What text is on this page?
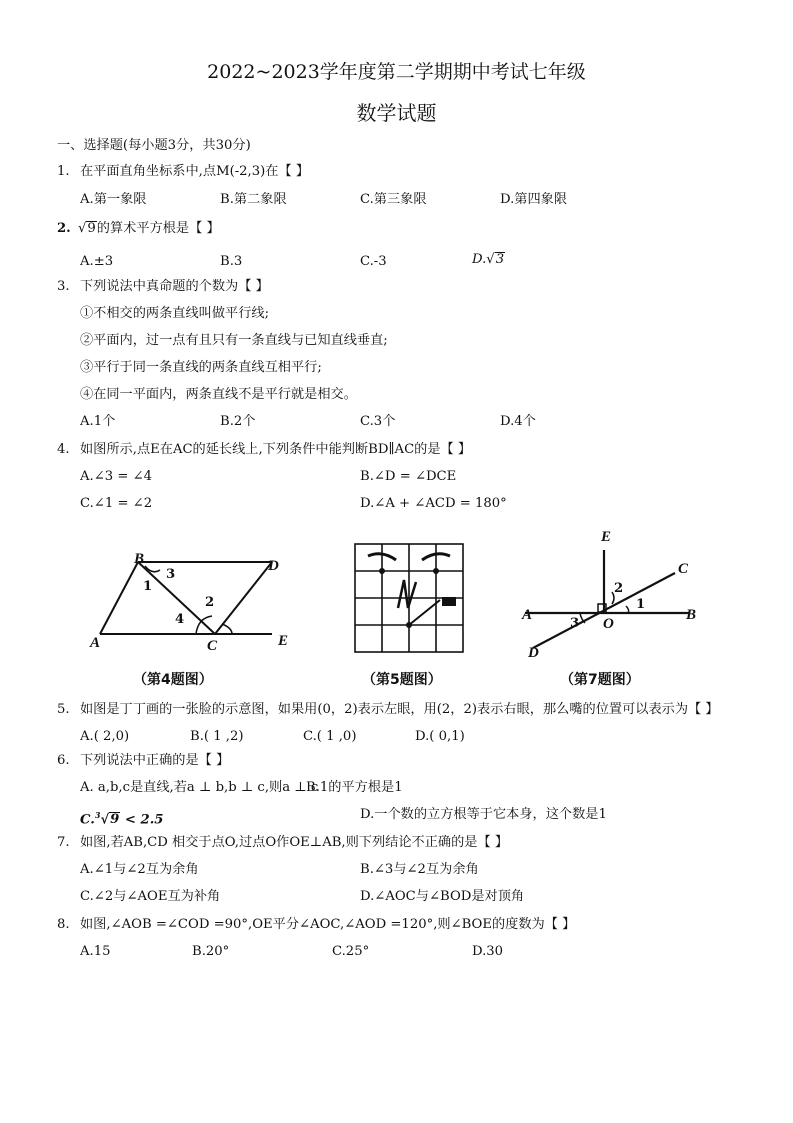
2022~2023学年度第二学期期中考试七年级
数学试题
一、选择题(每小题3分，共30分)
1. 在平面直角坐标系中,点M(-2,3)在【 】
A.第一象限	B.第二象限	C.第三象限	D.第四象限
2. √9的算术平方根是【 】
A.±3	B.3	C.-3	D.√3
3. 下列说法中真命题的个数为【 】
①不相交的两条直线叫做平行线;
②平面内，过一点有且只有一条直线与已知直线垂直;
③平行于同一条直线的两条直线互相平行;
④在同一平面内，两条直线不是平行就是相交。
A.1个	B.2个	C.3个	D.4个
4. 如图所示,点E在AC的延长线上,下列条件中能判断BD∥AC的是【 】
A.∠3 = ∠4	B.∠D = ∠DCE
C.∠1 = ∠2	D.∠A + ∠ACD = 180°
B	D
A	C	E
1
2
3
4
E
C
A
O
B
D
1
2
3
（第4题图）	（第5题图）	（第7题图）
5. 如图是丁丁画的一张脸的示意图，如果用(0，2)表示左眼，用(2，2)表示右眼，那么嘴的位置可以表示为【 】
A.( 2,0)	B.( 1 ,2)	C.( 1 ,0)	D.( 0,1)
6. 下列说法中正确的是【 】
A. a,b,c是直线,若a ⊥ b,b ⊥ c,则a ⊥ c
B.1的平方根是1
C.$^3$√9 < 2.5	D.一个数的立方根等于它本身，这个数是1
7. 如图,若AB,CD 相交于点O,过点O作OE⊥AB,则下列结论不正确的是【 】
A.∠1与∠2互为余角	B.∠3与∠2互为余角
C.∠2与∠AOE互为补角	D.∠AOC与∠BOD是对顶角
8. 如图,∠AOB =∠COD =90°,OE平分∠AOC,∠AOD =120°,则∠BOE的度数为【 】
A.15	B.20°	C.25°	D.30
